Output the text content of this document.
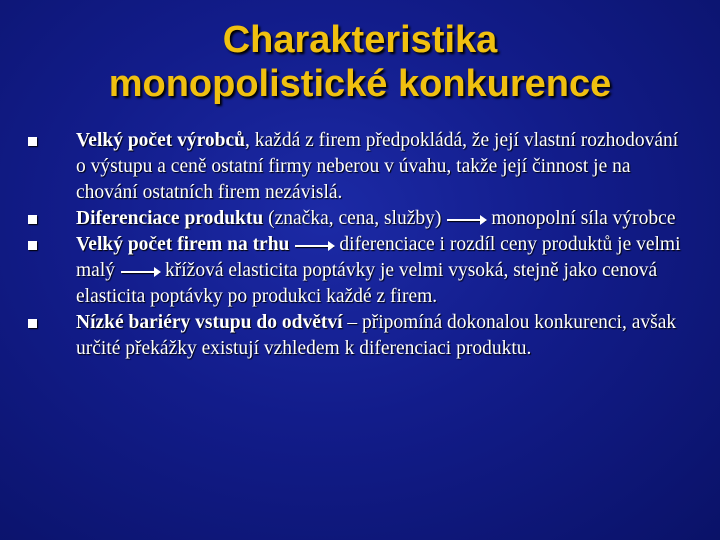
Charakteristika
monopolistické konkurence
Velký počet výrobců, každá z firem předpokládá, že její vlastní rozhodování o výstupu a ceně ostatní firmy neberou v úvahu, takže její činnost je na chování ostatních firem nezávislá.
Diferenciace produktu (značka, cena, služby)	monopolní síla výrobce
Velký počet firem na trhu	diferenciace i rozdíl ceny produktů je velmi malý	křížová elasticita poptávky je velmi vysoká, stejně jako cenová elasticita poptávky po produkci každé z firem.
Nízké bariéry vstupu do odvětví – připomíná dokonalou konkurenci, avšak určité překážky existují vzhledem k diferenciaci produktu.
